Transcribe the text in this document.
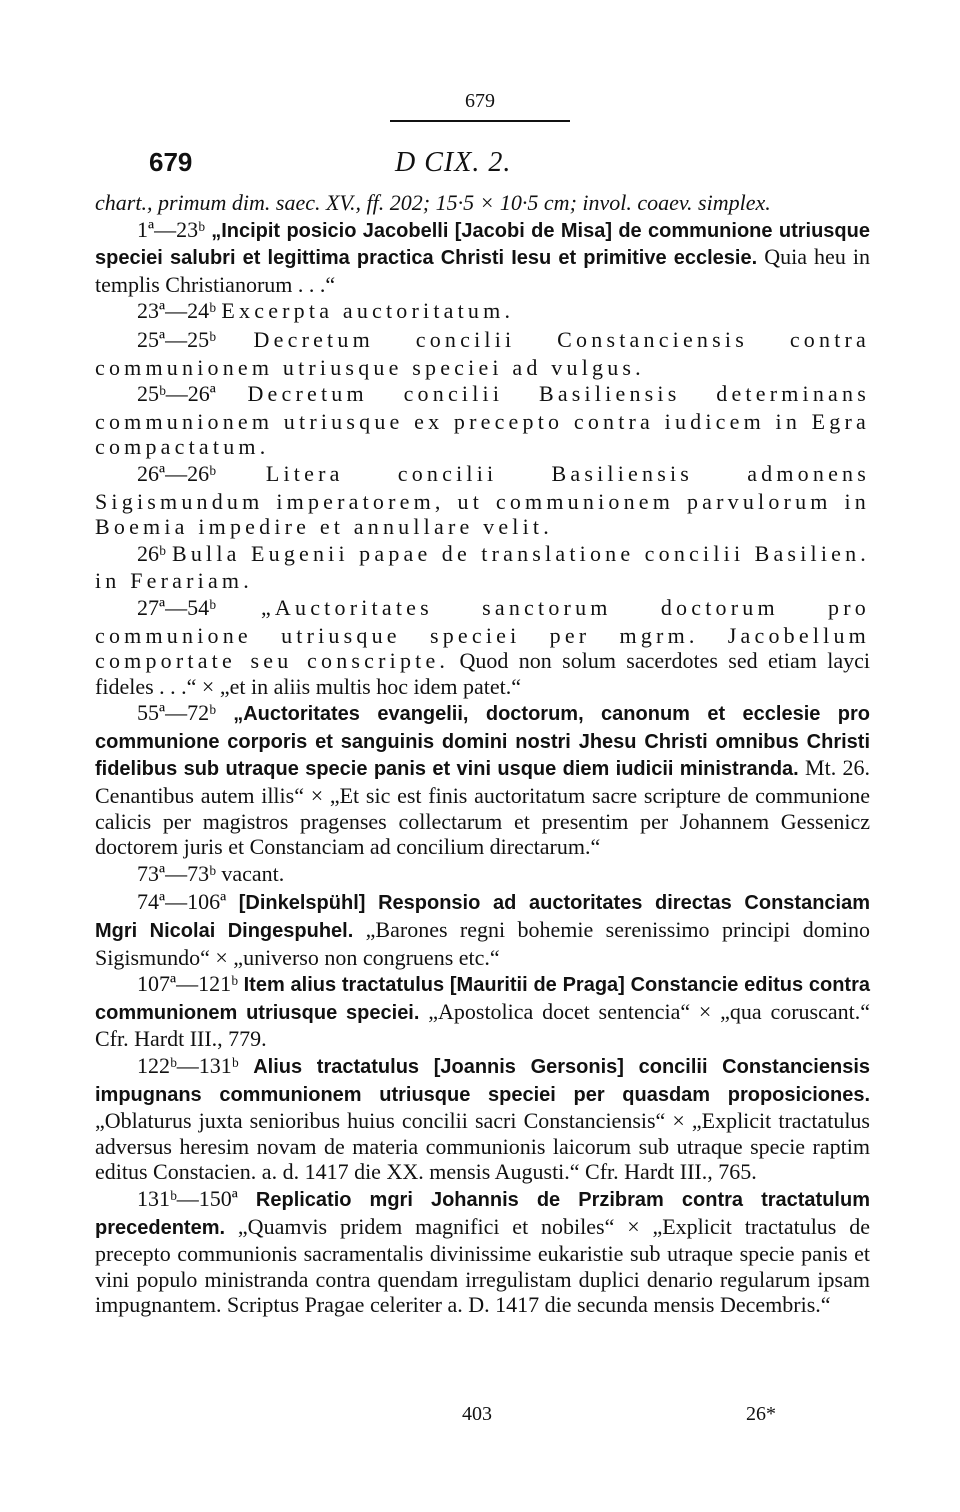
679
679	D CIX. 2.

chart., primum dim. saec. XV., ff. 202; 15·5 × 10·5 cm; invol. coaev. simplex.

1ª—23ᵇ „Incipit posicio Jacobelli [Jacobi de Misa] de communione utriusque speciei salubri et legittima practica Christi Iesu et primitive ecclesie. Quia heu in templis Christianorum . . .“

23ª—24ᵇ Excerpta auctoritatum.

25ª—25ᵇ Decretum concilii Constanciensis contra communionem utriusque speciei ad vulgus.

25ᵇ—26ª Decretum concilii Basiliensis determinans communionem utriusque ex precepto contra iudicem in Egra compactatum.

26ª—26ᵇ Litera concilii Basiliensis admonens Sigismundum imperatorem, ut communionem parvulorum in Boemia impedire et annullare velit.

26ᵇ Bulla Eugenii papae de translatione concilii Basilien. in Ferariam.

27ª—54ᵇ „Auctoritates sanctorum doctorum pro communione utriusque speciei per mgrm. Jacobellum comportate seu conscripte. Quod non solum sacerdotes sed etiam layci fideles . . .“ × „et in aliis multis hoc idem patet.“

55ª—72ᵇ „Auctoritates evangelii, doctorum, canonum et ecclesie pro communione corporis et sanguinis domini nostri Jhesu Christi omnibus Christi fidelibus sub utraque specie panis et vini usque diem iudicii ministranda. Mt. 26. Cenantibus autem illis“ × „Et sic est finis auctoritatum sacre scripture de communione calicis per magistros pragenses collectarum et presentim per Johannem Gessenicz doctorem juris et Constanciam ad concilium directarum.“

73ª—73ᵇ vacant.

74ª—106ª [Dinkelspühl] Responsio ad auctoritates directas Constanciam Mgri Nicolai Dingespuhel. „Barones regni bohemie serenissimo principi domino Sigismundo“ × „universo non congruens etc.“

107ª—121ᵇ Item alius tractatulus [Mauritii de Praga] Constancie editus contra communionem utriusque speciei. „Apostolica docet sentencia“ × „qua coruscant.“ Cfr. Hardt III., 779.

122ᵇ—131ᵇ Alius tractatulus [Joannis Gersonis] concilii Constanciensis impugnans communionem utriusque speciei per quasdam proposiciones. „Oblaturus juxta senioribus huius concilii sacri Constanciensis“ × „Explicit tractatulus adversus heresim novam de materia communionis laicorum sub utraque specie raptim editus Constacien. a. d. 1417 die XX. mensis Augusti.“ Cfr. Hardt III., 765.

131ᵇ—150ª Replicatio mgri Johannis de Przibram contra tractatulum precedentem. „Quamvis pridem magnifici et nobiles“ × „Explicit tractatulus de precepto communionis sacramentalis divinissime eukaristie sub utraque specie panis et vini populo ministranda contra quendam irregulistam duplici denario regularum ipsam impugnantem. Scriptus Pragae celeriter a. D. 1417 die secunda mensis Decembris.“

403	26*
